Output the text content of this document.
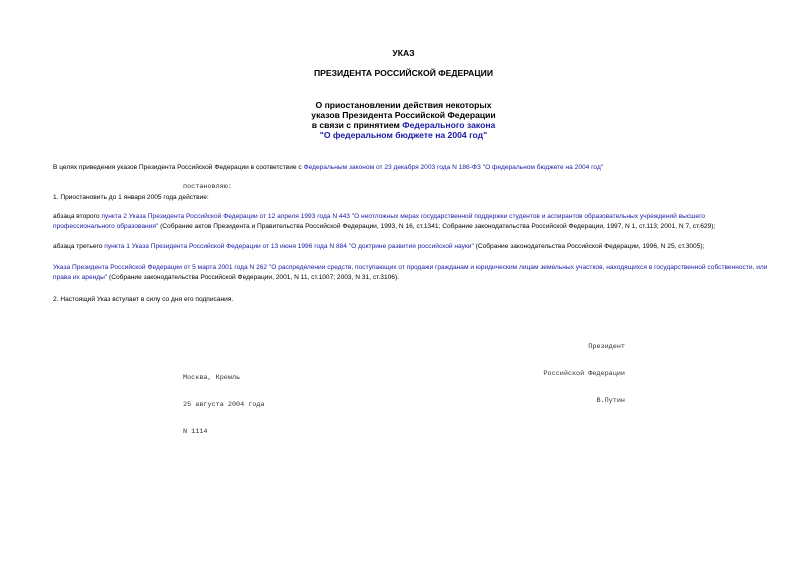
УКАЗ
ПРЕЗИДЕНТА РОССИЙСКОЙ ФЕДЕРАЦИИ
О приостановлении действия некоторых
указов Президента Российской Федерации
в связи с принятием Федерального закона
"О федеральном бюджете на 2004 год"
В целях приведения указов Президента Российской Федерации в соответствие с Федеральным законом от 23 декабря 2003 года N 186-ФЗ "О федеральном бюджете на 2004 год"
постановляю:
1. Приостановить до 1 января 2005 года действие:
абзаца второго пункта 2 Указа Президента Российской Федерации от 12 апреля 1993 года N 443 "О неотложных мерах государственной поддержки студентов и аспирантов образовательных учреждений высшего профессионального образования" (Собрание актов Президента и Правительства Российской Федерации, 1993, N 16, ст.1341; Собрание законодательства Российской Федерации, 1997, N 1, ст.113; 2001, N 7, ст.629);
абзаца третьего пункта 1 Указа Президента Российской Федерации от 13 июня 1996 года N 884 "О доктрине развития российской науки" (Собрание законодательства Российской Федерации, 1996, N 25, ст.3005);
Указа Президента Российской Федерации от 5 марта 2001 года N 262 "О распределении средств, поступающих от продажи гражданам и юридическим лицам земельных участков, находящихся в государственной собственности, или права их аренды" (Собрание законодательства Российской Федерации, 2001, N 11, ст.1007; 2003, N 31, ст.3106).
2. Настоящий Указ вступает в силу со дня его подписания.

Президент

Российской Федерации

В.Путин

Москва, Кремль

25 августа 2004 года

N 1114
